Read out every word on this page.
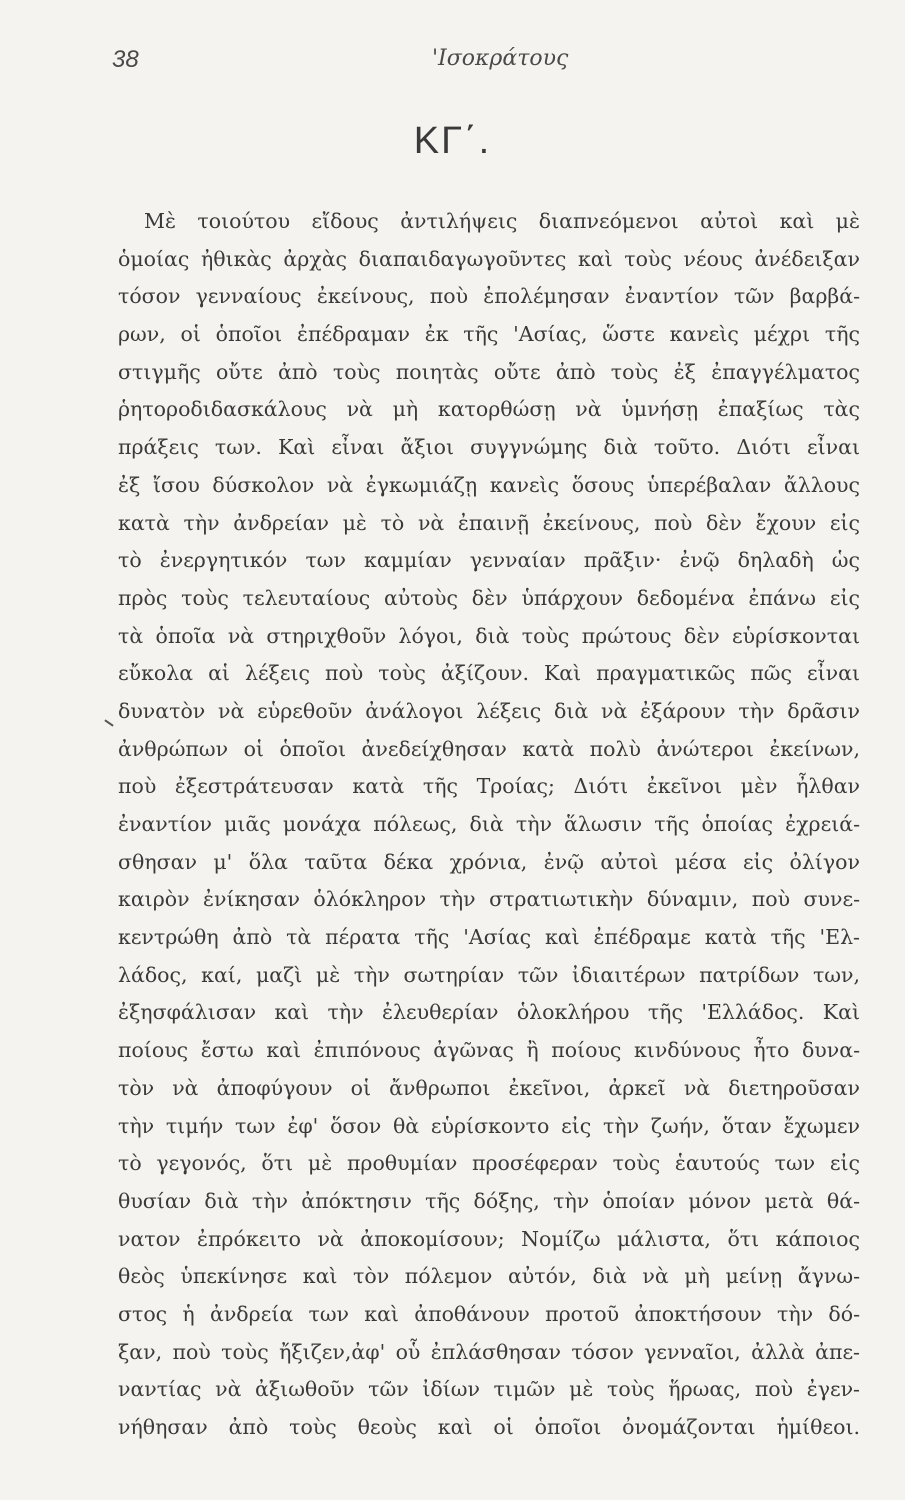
38	'Ισοκράτους
ΚΓ΄.
Μὲ τοιούτου εἴδους ἀντιλήψεις διαπνεόμενοι αὐτοὶ καὶ μὲ
ὁμοίας ἠθικὰς ἀρχὰς διαπαιδαγωγοῦντες καὶ τοὺς νέους ἀνέδειξαν
τόσον γενναίους ἐκείνους, ποὺ ἐπολέμησαν ἐναντίον τῶν βαρβά-
ρων, οἱ ὁποῖοι ἐπέδραμαν ἐκ τῆς 'Ασίας, ὥστε κανεὶς μέχρι τῆς
στιγμῆς οὔτε ἀπὸ τοὺς ποιητὰς οὔτε ἀπὸ τοὺς ἐξ ἐπαγγέλματος
ῥητοροδιδασκάλους νὰ μὴ κατορθώσῃ νὰ ὑμνήσῃ ἐπαξίως τὰς
πράξεις των. Καὶ εἶναι ἄξιοι συγγνώμης διὰ τοῦτο. Διότι εἶναι
ἐξ ἴσου δύσκολον νὰ ἐγκωμιάζῃ κανεὶς ὅσους ὑπερέβαλαν ἄλλους
κατὰ τὴν ἀνδρείαν μὲ τὸ νὰ ἐπαινῇ ἐκείνους, ποὺ δὲν ἔχουν εἰς
τὸ ἐνεργητικόν των καμμίαν γενναίαν πρᾶξιν· ἐνῷ δηλαδὴ ὡς
πρὸς τοὺς τελευταίους αὐτοὺς δὲν ὑπάρχουν δεδομένα ἐπάνω εἰς
τὰ ὁποῖα νὰ στηριχθοῦν λόγοι, διὰ τοὺς πρώτους δὲν εὑρίσκονται
εὔκολα αἱ λέξεις ποὺ τοὺς ἀξίζουν. Καὶ πραγματικῶς πῶς εἶναι
δυνατὸν νὰ εὑρεθοῦν ἀνάλογοι λέξεις διὰ νὰ ἐξάρουν τὴν δρᾶσιν
ἀνθρώπων οἱ ὁποῖοι ἀνεδείχθησαν κατὰ πολὺ ἀνώτεροι ἐκείνων,
ποὺ ἐξεστράτευσαν κατὰ τῆς Τροίας; Διότι ἐκεῖνοι μὲν ἦλθαν
ἐναντίον μιᾶς μονάχα πόλεως, διὰ τὴν ἅλωσιν τῆς ὁποίας ἐχρειά-
σθησαν μ' ὅλα ταῦτα δέκα χρόνια, ἐνῷ αὐτοὶ μέσα εἰς ὀλίγον
καιρὸν ἐνίκησαν ὁλόκληρον τὴν στρατιωτικὴν δύναμιν, ποὺ συνε-
κεντρώθη ἀπὸ τὰ πέρατα τῆς 'Ασίας καὶ ἐπέδραμε κατὰ τῆς 'Ελ-
λάδος, καί, μαζὶ μὲ τὴν σωτηρίαν τῶν ἰδιαιτέρων πατρίδων των,
ἐξησφάλισαν καὶ τὴν ἐλευθερίαν ὁλοκλήρου τῆς 'Ελλάδος. Καὶ
ποίους ἔστω καὶ ἐπιπόνους ἀγῶνας ἢ ποίους κινδύνους ἦτο δυνα-
τὸν νὰ ἀποφύγουν οἱ ἄνθρωποι ἐκεῖνοι, ἀρκεῖ νὰ διετηροῦσαν
τὴν τιμήν των ἐφ' ὅσον θὰ εὑρίσκοντο εἰς τὴν ζωήν, ὅταν ἔχωμεν
τὸ γεγονός, ὅτι μὲ προθυμίαν προσέφεραν τοὺς ἑαυτούς των εἰς
θυσίαν διὰ τὴν ἀπόκτησιν τῆς δόξης, τὴν ὁποίαν μόνον μετὰ θά-
νατον ἐπρόκειτο νὰ ἀποκομίσουν; Νομίζω μάλιστα, ὅτι κάποιος
θεὸς ὑπεκίνησε καὶ τὸν πόλεμον αὐτόν, διὰ νὰ μὴ μείνῃ ἄγνω-
στος ἡ ἀνδρεία των καὶ ἀποθάνουν προτοῦ ἀποκτήσουν τὴν δό-
ξαν, ποὺ τοὺς ἤξιζεν,ἀφ' οὗ ἐπλάσθησαν τόσον γενναῖοι, ἀλλὰ ἀπε-
ναντίας νὰ ἀξιωθοῦν τῶν ἰδίων τιμῶν μὲ τοὺς ἥρωας, ποὺ ἐγεν-
νήθησαν ἀπὸ τοὺς θεοὺς καὶ οἱ ὁποῖοι ὀνομάζονται ἡμίθεοι.
